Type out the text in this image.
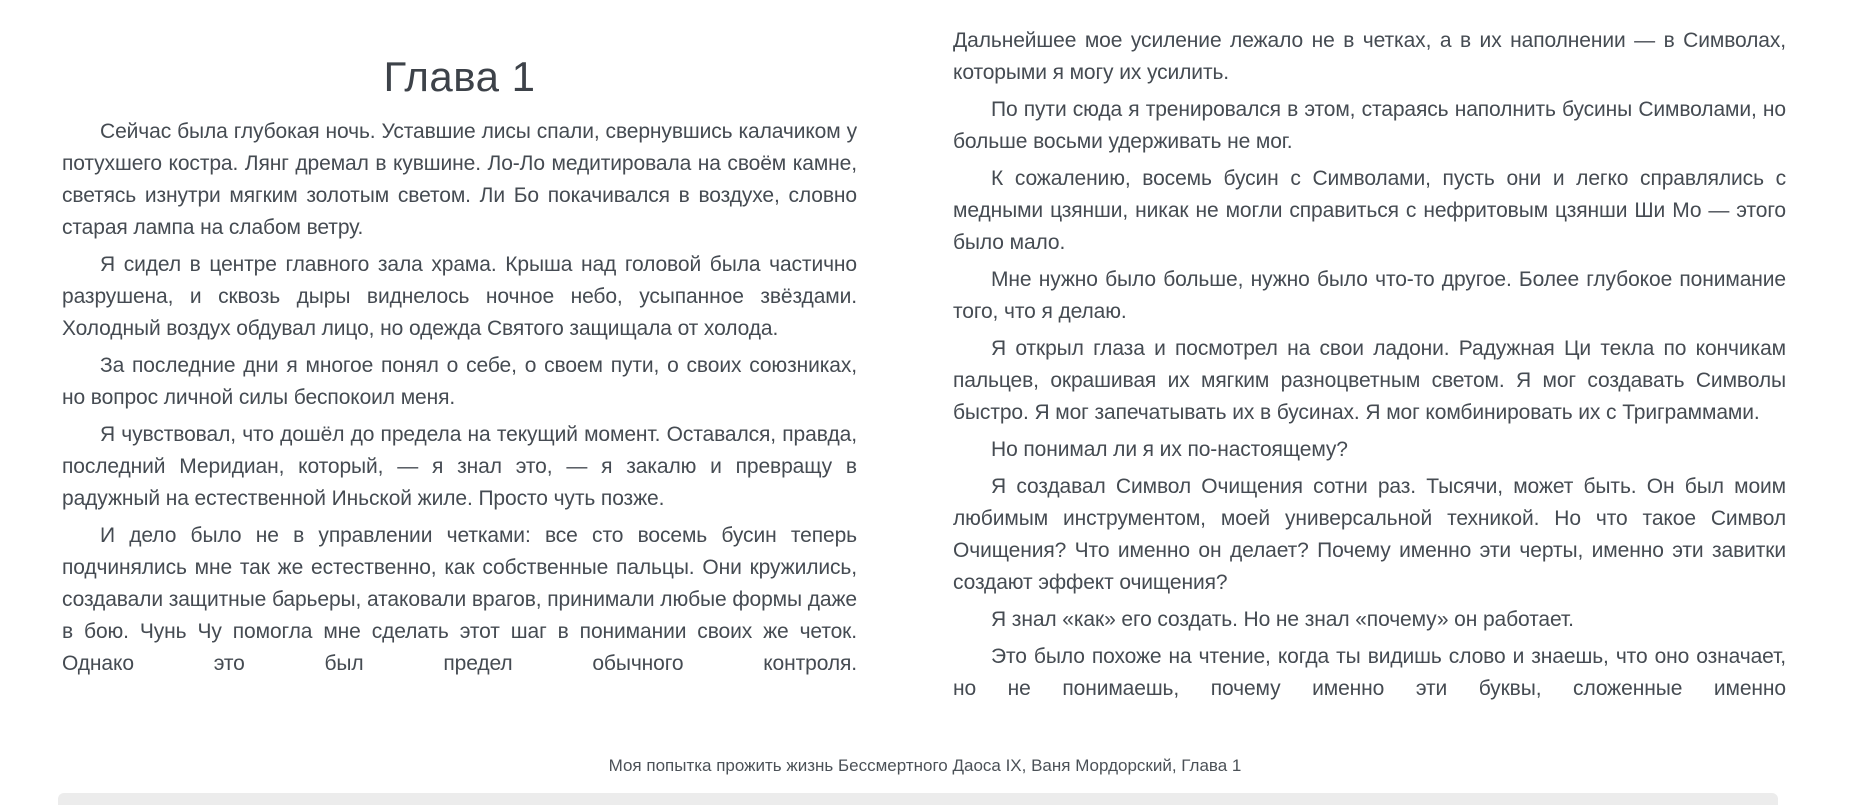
Глава 1

Сейчас была глубокая ночь. Уставшие лисы спали, свернувшись калачиком у потухшего костра. Лянг дремал в кувшине. Ло-Ло медитировала на своём камне, светясь изнутри мягким золотым светом. Ли Бо покачивался в воздухе, словно старая лампа на слабом ветру.

Я сидел в центре главного зала храма. Крыша над головой была частично разрушена, и сквозь дыры виднелось ночное небо, усыпанное звёздами. Холодный воздух обдувал лицо, но одежда Святого защищала от холода.

За последние дни я многое понял о себе, о своем пути, о своих союзниках, но вопрос личной силы беспокоил меня.

Я чувствовал, что дошёл до предела на текущий момент. Оставался, правда, последний Меридиан, который, — я знал это, — я закалю и превращу в радужный на естественной Иньской жиле. Просто чуть позже.

И дело было не в управлении четками: все сто восемь бусин теперь подчинялись мне так же естественно, как собственные пальцы. Они кружились, создавали защитные барьеры, атаковали врагов, принимали любые формы даже в бою. Чунь Чу помогла мне сделать этот шаг в понимании своих же четок. Однако это был предел обычного контроля.

Дальнейшее мое усиление лежало не в четках, а в их наполнении — в Символах, которыми я могу их усилить.

По пути сюда я тренировался в этом, стараясь наполнить бусины Символами, но больше восьми удерживать не мог.

К сожалению, восемь бусин с Символами, пусть они и легко справлялись с медными цзянши, никак не могли справиться с нефритовым цзянши Ши Мо — этого было мало.

Мне нужно было больше, нужно было что-то другое. Более глубокое понимание того, что я делаю.

Я открыл глаза и посмотрел на свои ладони. Радужная Ци текла по кончикам пальцев, окрашивая их мягким разноцветным светом. Я мог создавать Символы быстро. Я мог запечатывать их в бусинах. Я мог комбинировать их с Триграммами.

Но понимал ли я их по-настоящему?

Я создавал Символ Очищения сотни раз. Тысячи, может быть. Он был моим любимым инструментом, моей универсальной техникой. Но что такое Символ Очищения? Что именно он делает? Почему именно эти черты, именно эти завитки создают эффект очищения?

Я знал «как» его создать. Но не знал «почему» он работает.

Это было похоже на чтение, когда ты видишь слово и знаешь, что оно означает, но не понимаешь, почему именно эти буквы, сложенные именно

Моя попытка прожить жизнь Бессмертного Даоса IX, Ваня Мордорский, Глава 1
